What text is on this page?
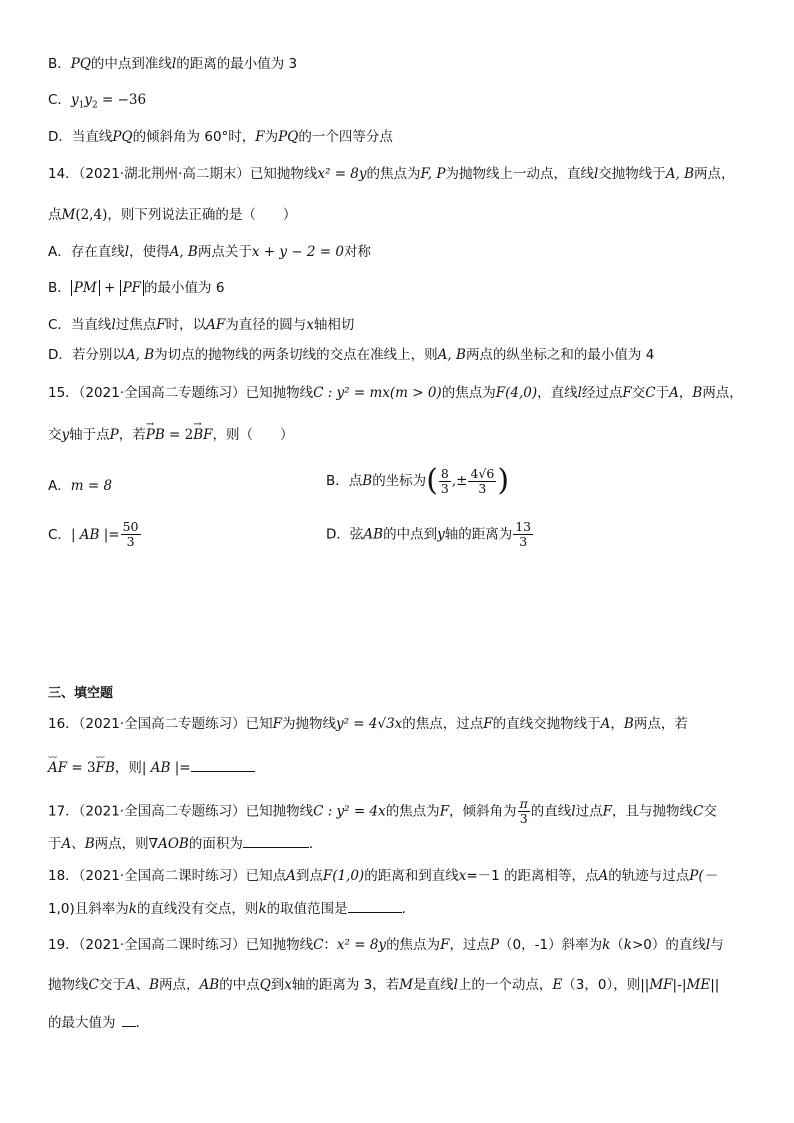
B．PQ的中点到准线l的距离的最小值为 3
C．$y_1y_2 = -36$
D．当直线PQ的倾斜角为 60°时，F为PQ的一个四等分点
14．（2021·湖北荆州·高二期末）已知抛物线x² = 8y的焦点为F, P为抛物线上一动点，直线l交抛物线于A, B两点，
点M(2,4)，则下列说法正确的是（　　）
A．存在直线l，使得A, B两点关于x + y − 2 = 0对称
B． PM + PF 的最小值为 6
C．当直线l过焦点F时，以AF为直径的圆与x轴相切
D．若分别以A, B为切点的抛物线的两条切线的交点在准线上，则A, B两点的纵坐标之和的最小值为 4
15．（2021·全国高二专题练习）已知抛物线C : y² = mx(m > 0)的焦点为F(4,0)，直线l经过点F交C于A，B两点，
交y轴于点P，若→ PB = 2→ BF，则（　　）
A．m = 8	B．点B的坐标为( $\frac{8}{3}$ ,± $\frac{4√6}{3}$ )
C．| AB |= $\frac{50}{3}$	D．弦AB的中点到y轴的距离为 $\frac{13}{3}$
三、填空题
16．（2021·全国高二专题练习）已知F为抛物线y² = 4√3x的焦点，过点F的直线交抛物线于A，B两点，若
⌣⌣ AF = 3⌣⌣ FB，则| AB |=
17．（2021·全国高二专题练习）已知抛物线C : y² = 4x的焦点为F，倾斜角为 $\frac{\pi}{3}$ 的直线l过点F，且与抛物线C交
于A、B两点，则∇AOB的面积为	．
18．（2021·全国高二课时练习）已知点A到点F(1,0)的距离和到直线x=－1 的距离相等，点A的轨迹与过点P(－
1,0)且斜率为k的直线没有交点，则k的取值范围是	．
19．（2021·全国高二课时练习）已知抛物线C：x² = 8y的焦点为F，过点P（0，-1）斜率为k（k>0）的直线l与
抛物线C交于A、B两点，AB的中点Q到x轴的距离为 3，若M是直线l上的一个动点，E（3，0），则||MF|-|ME||
的最大值为 .
